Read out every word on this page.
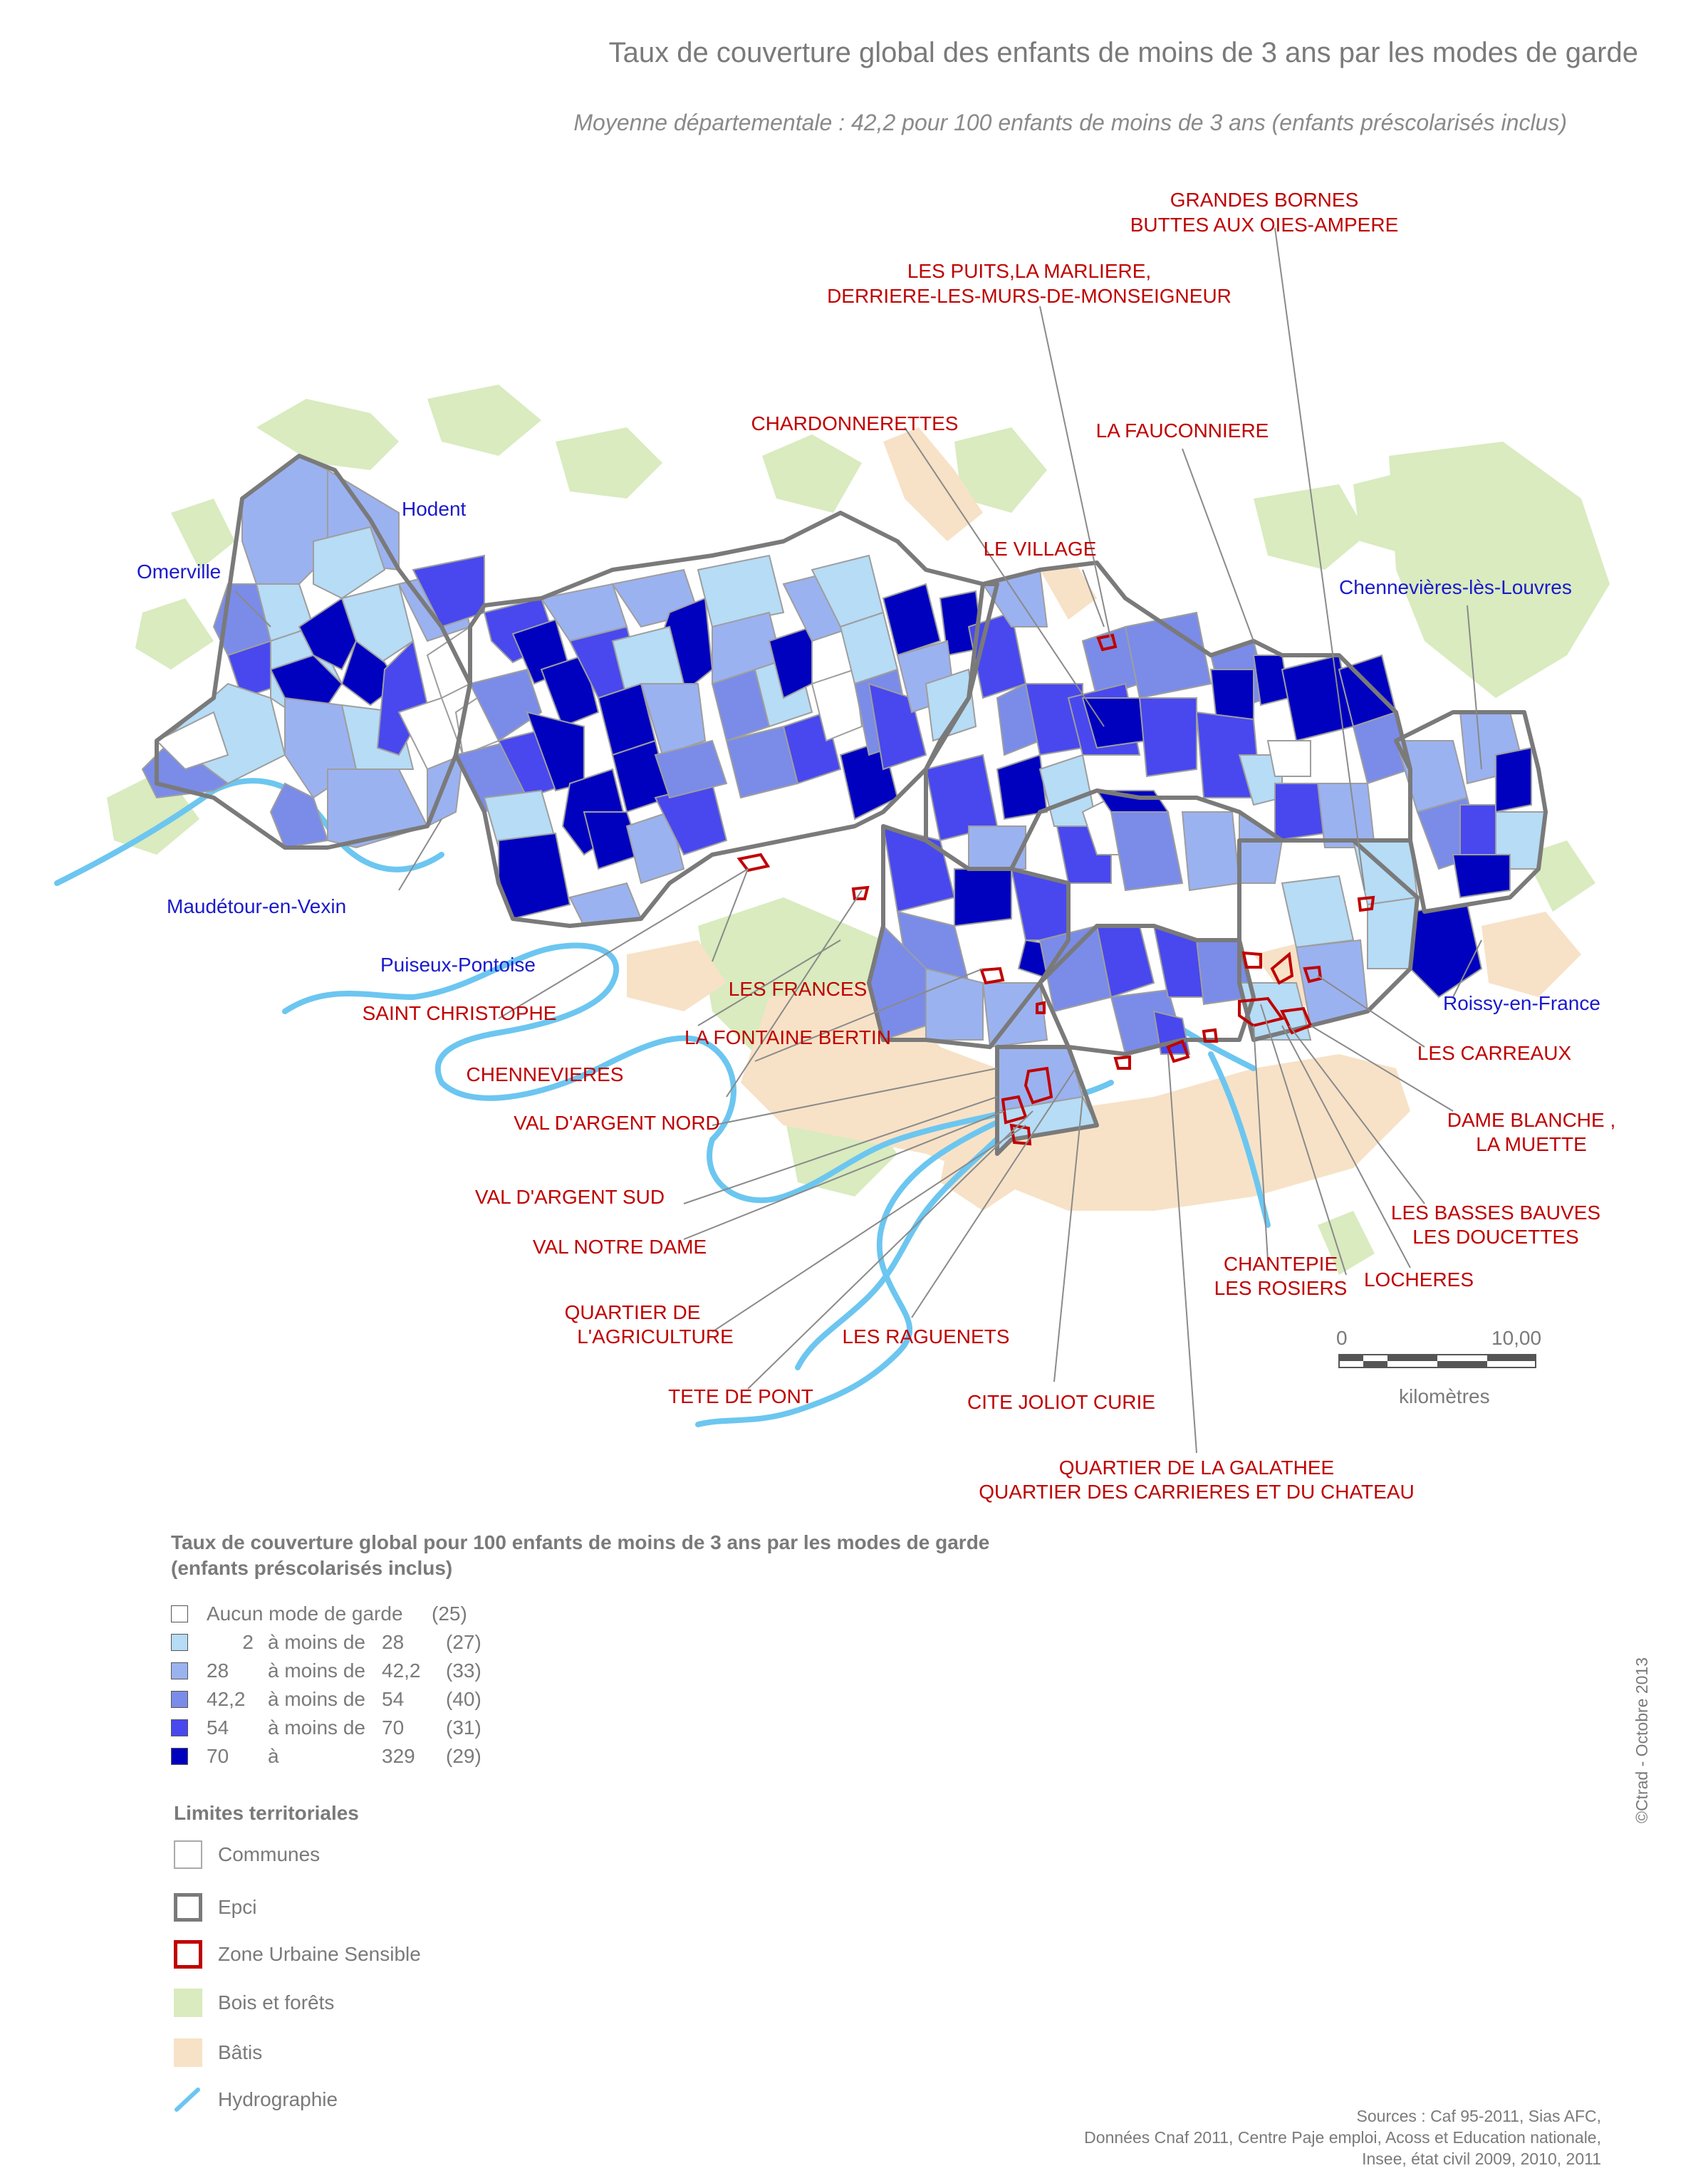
Taux de couverture global des enfants de moins de 3 ans par les modes de garde
Moyenne départementale : 42,2 pour 100 enfants de moins de 3 ans (enfants préscolarisés inclus)
GRANDES BORNES
BUTTES AUX OIES-AMPERE
LES PUITS,LA MARLIERE,
DERRIERE-LES-MURS-DE-MONSEIGNEUR
CHARDONNERETTES	LA FAUCONNIERE
LE VILLAGE
LES FRANCES
SAINT CHRISTOPHE
LA FONTAINE BERTIN
CHENNEVIERES
VAL D'ARGENT NORD
VAL D'ARGENT SUD
VAL NOTRE DAME
QUARTIER DE
L'AGRICULTURE	LES RAGUENETS
TETE DE PONT	CITE JOLIOT CURIE
QUARTIER DE LA GALATHEE
QUARTIER DES CARRIERES ET DU CHATEAU
LES CARREAUX
DAME BLANCHE ,
LA MUETTE
LES BASSES BAUVES
LES DOUCETTES
CHANTEPIE
LES ROSIERS LOCHERES
Hodent
Omerville
Chennevières-lès-Louvres
Maudétour-en-Vexin
Puiseux-Pontoise
Roissy-en-France
0	10,00
kilomètres
Taux de couverture global pour 100 enfants de moins de 3 ans par les modes de garde
(enfants préscolarisés inclus)
Aucun mode de garde	(25)
2 à moins de 28	(27)
28	à moins de 42,2	(33)
42,2	à moins de 54	(40)
54	à moins de 70	(31)
70	à	329	(29)
Limites territoriales
Communes
Epci
Zone Urbaine Sensible
Bois et forêts
Bâtis
Hydrographie
Sources : Caf 95-2011, Sias AFC,
Données Cnaf 2011, Centre Paje emploi, Acoss et Education nationale,
Insee, état civil 2009, 2010, 2011
©Ctrad - Octobre 2013
